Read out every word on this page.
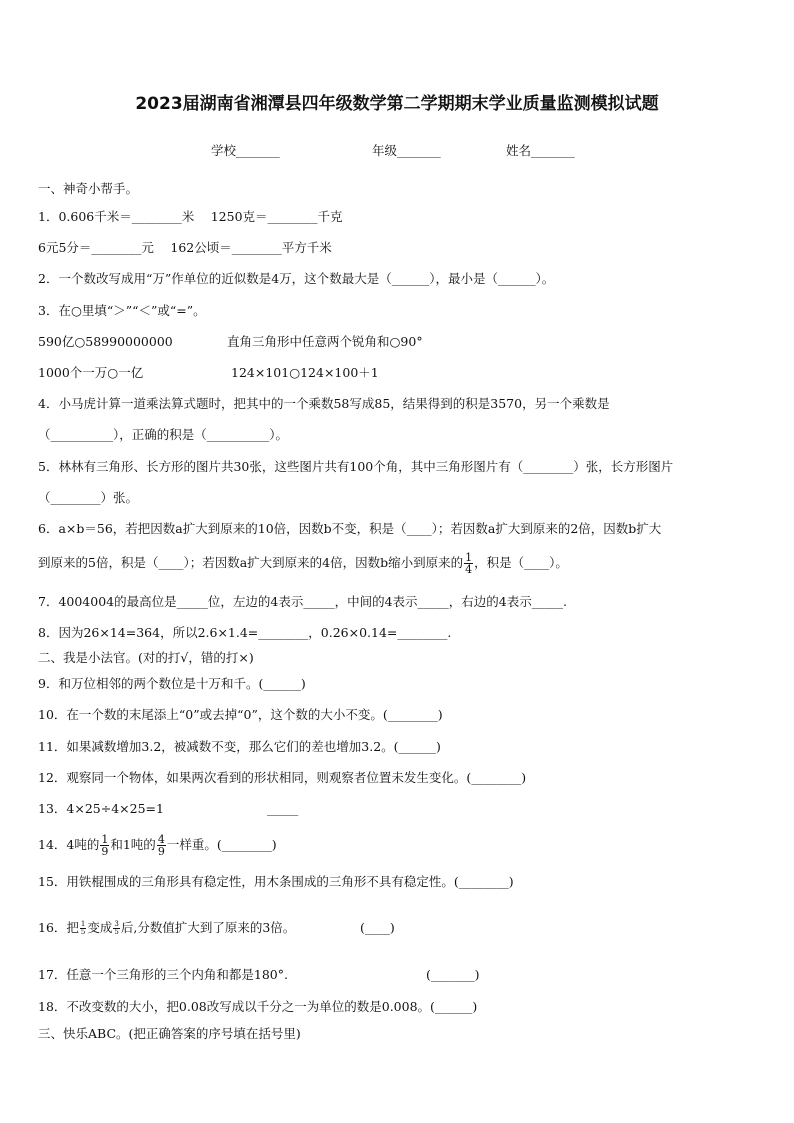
2023届湖南省湘潭县四年级数学第二学期期末学业质量监测模拟试题
学校_______	年级_______	姓名_______
一、神奇小帮手。
1．0.606千米＝________米　 1250克＝________千克
6元5分＝________元　 162公顷＝________平方千米
2．一个数改写成用“万”作单位的近似数是4万，这个数最大是（______），最小是（______）。
3．在○里填“＞”“＜”或“=”。
590亿○58990000000	直角三角形中任意两个锐角和○90°
1000个一万○一亿	124×101○124×100＋1
4．小马虎计算一道乘法算式题时，把其中的一个乘数58写成85，结果得到的积是3570，另一个乘数是
（__________），正确的积是（__________）。
5．林林有三角形、长方形的图片共30张，这些图片共有100个角，其中三角形图片有（________）张，长方形图片
（________）张。
6．a×b＝56，若把因数a扩大到原来的10倍，因数b不变，积是（____）；若因数a扩大到原来的2倍，因数b扩大
到原来的5倍，积是（____）；若因数a扩大到原来的4倍，因数b缩小到原来的 $\frac{1}{4}$ ，积是（____）。
7．4004004的最高位是_____位，左边的4表示_____，中间的4表示_____，右边的4表示_____.
8．因为26×14=364，所以2.6×1.4=________，0.26×0.14=________.
二、我是小法官。(对的打√，错的打×)
9．和万位相邻的两个数位是十万和千。(______)
10．在一个数的末尾添上“0”或去掉“0”，这个数的大小不变。(________)
11．如果减数增加3.2，被减数不变，那么它们的差也增加3.2。(______)
12．观察同一个物体，如果两次看到的形状相同，则观察者位置未发生变化。(________)
13．4×25÷4×25=1	_____
14．4吨的 $\frac{1}{9}$ 和1吨的 $\frac{4}{9}$ 一样重。(________)
15．用铁棍围成的三角形具有稳定性，用木条围成的三角形不具有稳定性。(________)
16．把 $\frac{1}{5}$ 变成 $\frac{3}{5}$ 后,分数值扩大到了原来的3倍。	(____)
17．任意一个三角形的三个内角和都是180°.	(_______)
18．不改变数的大小，把0.08改写成以千分之一为单位的数是0.008。(______)
三、快乐ABC。(把正确答案的序号填在括号里)
